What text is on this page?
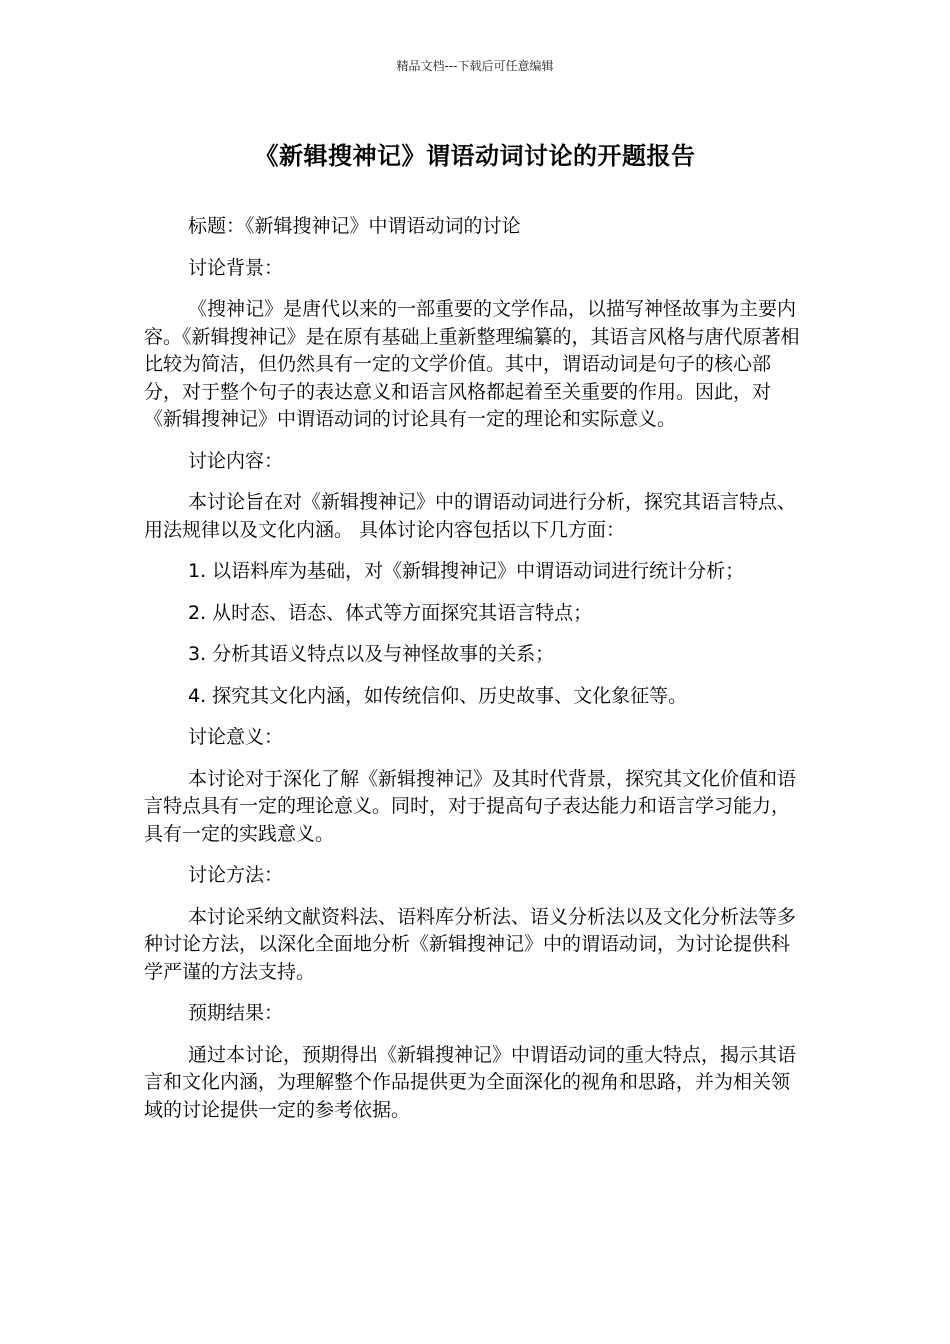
精品文档---下载后可任意编辑
《新辑搜神记》谓语动词讨论的开题报告

标题：《新辑搜神记》中谓语动词的讨论

讨论背景：

《搜神记》是唐代以来的一部重要的文学作品，以描写神怪故事为主要内容。《新辑搜神记》是在原有基础上重新整理编纂的，其语言风格与唐代原著相比较为简洁，但仍然具有一定的文学价值。其中，谓语动词是句子的核心部分，对于整个句子的表达意义和语言风格都起着至关重要的作用。因此，对《新辑搜神记》中谓语动词的讨论具有一定的理论和实际意义。

讨论内容：

本讨论旨在对《新辑搜神记》中的谓语动词进行分析，探究其语言特点、用法规律以及文化内涵。 具体讨论内容包括以下几方面：

1. 以语料库为基础，对《新辑搜神记》中谓语动词进行统计分析；

2. 从时态、语态、体式等方面探究其语言特点；

3. 分析其语义特点以及与神怪故事的关系；

4. 探究其文化内涵，如传统信仰、历史故事、文化象征等。

讨论意义：

本讨论对于深化了解《新辑搜神记》及其时代背景，探究其文化价值和语言特点具有一定的理论意义。同时，对于提高句子表达能力和语言学习能力，具有一定的实践意义。

讨论方法：

本讨论采纳文献资料法、语料库分析法、语义分析法以及文化分析法等多种讨论方法，以深化全面地分析《新辑搜神记》中的谓语动词，为讨论提供科学严谨的方法支持。

预期结果：

通过本讨论，预期得出《新辑搜神记》中谓语动词的重大特点，揭示其语言和文化内涵，为理解整个作品提供更为全面深化的视角和思路，并为相关领域的讨论提供一定的参考依据。
